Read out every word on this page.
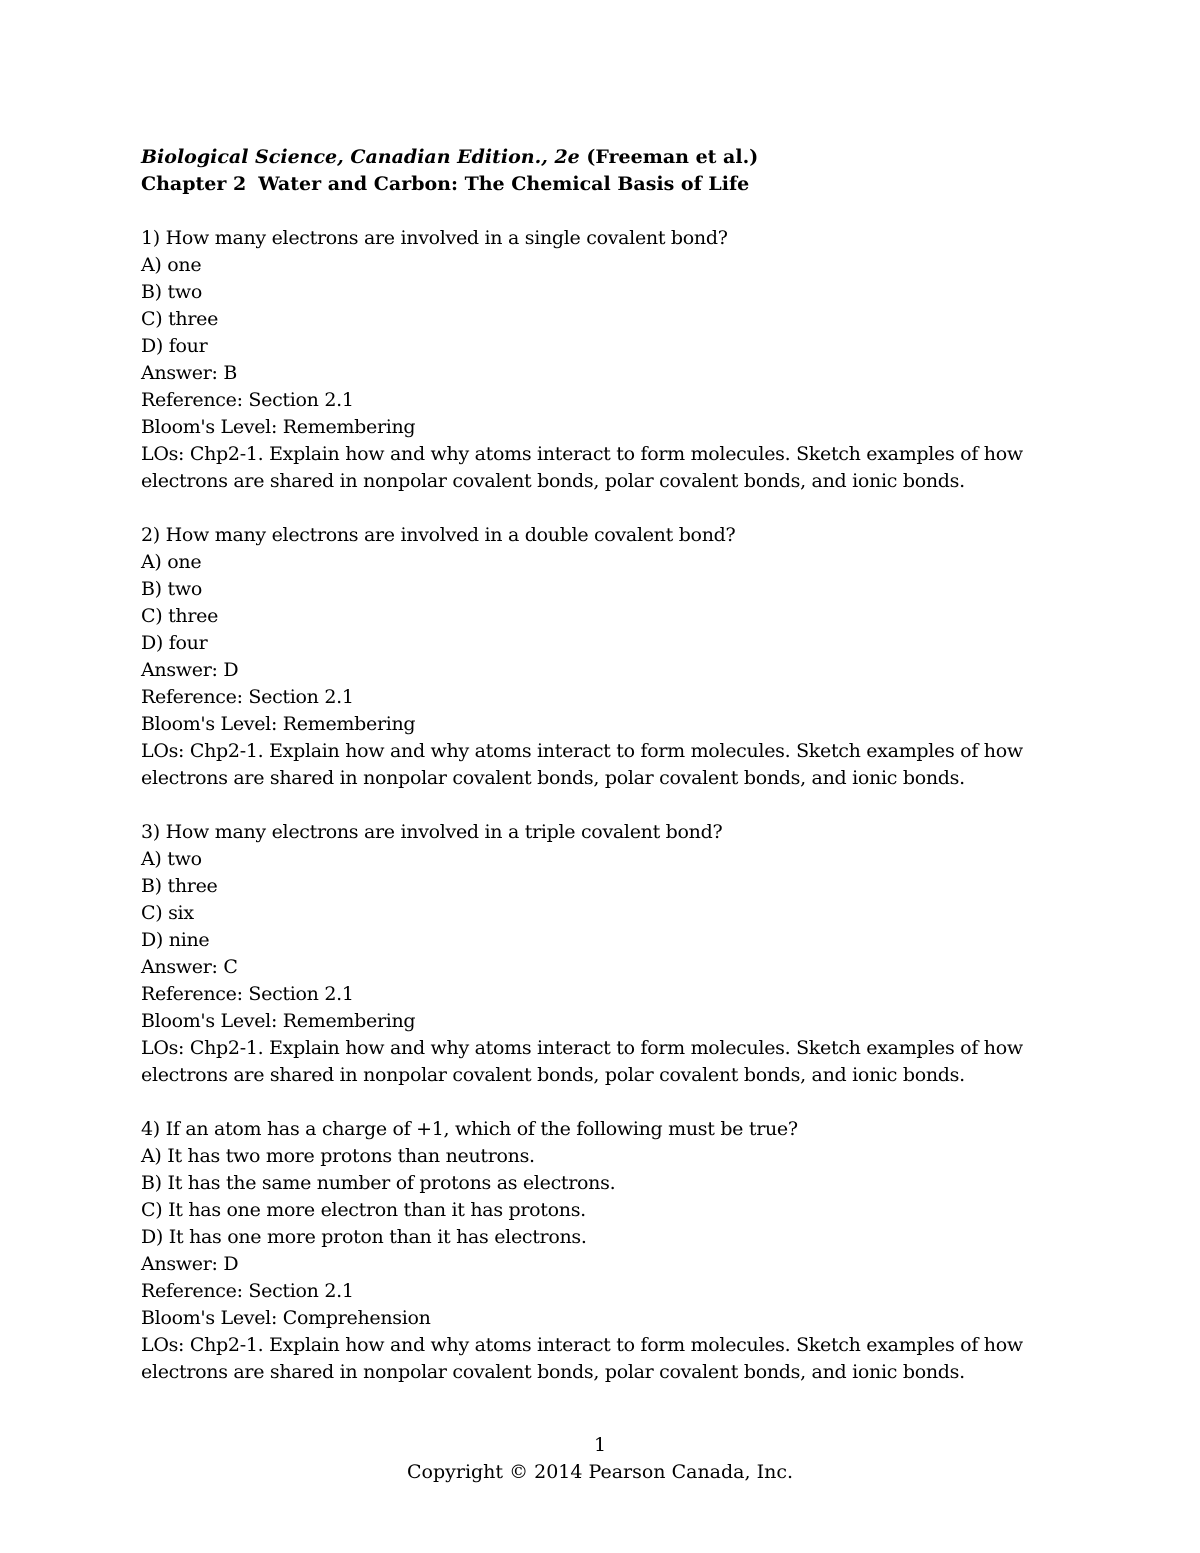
Biological Science, Canadian Edition., 2e (Freeman et al.)
Chapter 2 Water and Carbon: The Chemical Basis of Life
1) How many electrons are involved in a single covalent bond?
A) one
B) two
C) three
D) four
Answer: B
Reference: Section 2.1
Bloom's Level: Remembering
LOs: Chp2-1. Explain how and why atoms interact to form molecules. Sketch examples of how
electrons are shared in nonpolar covalent bonds, polar covalent bonds, and ionic bonds.
2) How many electrons are involved in a double covalent bond?
A) one
B) two
C) three
D) four
Answer: D
Reference: Section 2.1
Bloom's Level: Remembering
LOs: Chp2-1. Explain how and why atoms interact to form molecules. Sketch examples of how
electrons are shared in nonpolar covalent bonds, polar covalent bonds, and ionic bonds.
3) How many electrons are involved in a triple covalent bond?
A) two
B) three
C) six
D) nine
Answer: C
Reference: Section 2.1
Bloom's Level: Remembering
LOs: Chp2-1. Explain how and why atoms interact to form molecules. Sketch examples of how
electrons are shared in nonpolar covalent bonds, polar covalent bonds, and ionic bonds.
4) If an atom has a charge of +1, which of the following must be true?
A) It has two more protons than neutrons.
B) It has the same number of protons as electrons.
C) It has one more electron than it has protons.
D) It has one more proton than it has electrons.
Answer: D
Reference: Section 2.1
Bloom's Level: Comprehension
LOs: Chp2-1. Explain how and why atoms interact to form molecules. Sketch examples of how
electrons are shared in nonpolar covalent bonds, polar covalent bonds, and ionic bonds.
1
Copyright © 2014 Pearson Canada, Inc.
